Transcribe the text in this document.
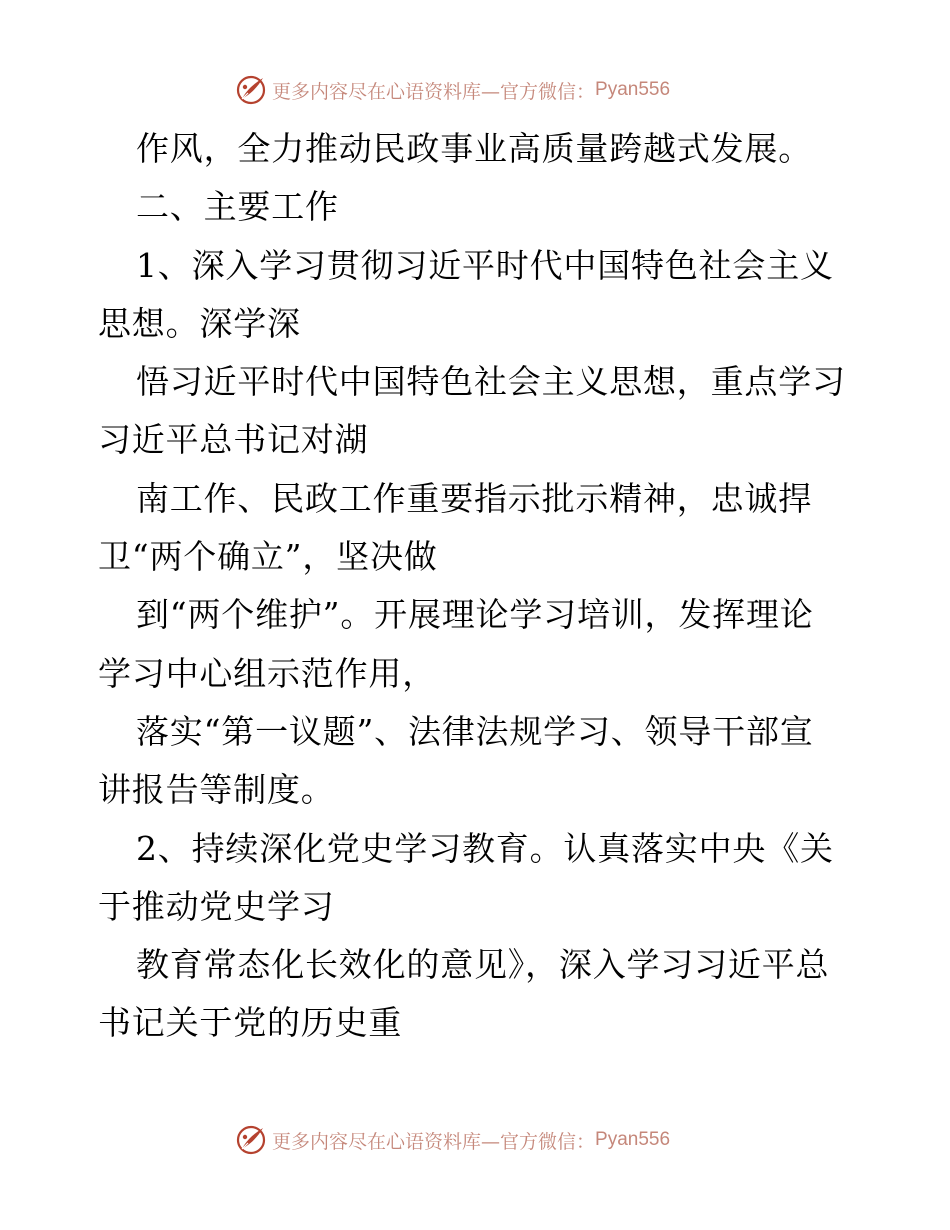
更多内容尽在心语资料库—官方微信： Pyan556
作风，全力推动民政事业高质量跨越式发展。
二、主要工作
1、深入学习贯彻习近平时代中国特色社会主义
思想。深学深
悟习近平时代中国特色社会主义思想，重点学习
习近平总书记对湖
南工作、民政工作重要指示批示精神，忠诚捍
卫“两个确立”，坚决做
到“两个维护”。开展理论学习培训，发挥理论
学习中心组示范作用，
落实“第一议题”、法律法规学习、领导干部宣
讲报告等制度。
2、持续深化党史学习教育。认真落实中央《关
于推动党史学习
教育常态化长效化的意见》，深入学习习近平总
书记关于党的历史重
更多内容尽在心语资料库—官方微信： Pyan556
